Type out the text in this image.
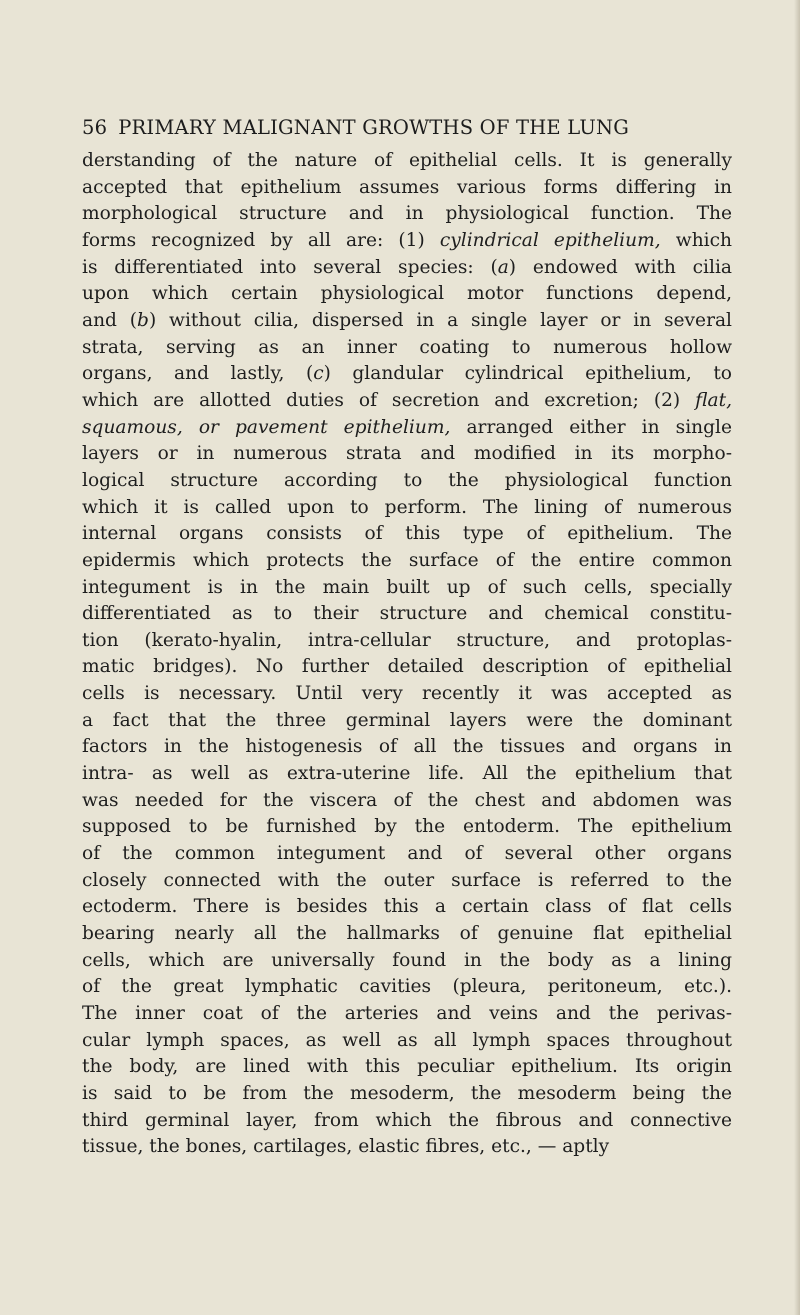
56 PRIMARY MALIGNANT GROWTHS OF THE LUNG
derstanding of the nature of epithelial cells. It is generally
accepted that epithelium assumes various forms differing in
morphological structure and in physiological function. The
forms recognized by all are: (1) cylindrical epithelium, which
is differentiated into several species: (a) endowed with cilia
upon which certain physiological motor functions depend,
and (b) without cilia, dispersed in a single layer or in several
strata, serving as an inner coating to numerous hollow
organs, and lastly, (c) glandular cylindrical epithelium, to
which are allotted duties of secretion and excretion; (2) flat,
squamous, or pavement epithelium, arranged either in single
layers or in numerous strata and modified in its morpho-
logical structure according to the physiological function
which it is called upon to perform. The lining of numerous
internal organs consists of this type of epithelium. The
epidermis which protects the surface of the entire common
integument is in the main built up of such cells, specially
differentiated as to their structure and chemical constitu-
tion (kerato-hyalin, intra-cellular structure, and protoplas-
matic bridges). No further detailed description of epithelial
cells is necessary. Until very recently it was accepted as
a fact that the three germinal layers were the dominant
factors in the histogenesis of all the tissues and organs in
intra- as well as extra-uterine life. All the epithelium that
was needed for the viscera of the chest and abdomen was
supposed to be furnished by the entoderm. The epithelium
of the common integument and of several other organs
closely connected with the outer surface is referred to the
ectoderm. There is besides this a certain class of flat cells
bearing nearly all the hallmarks of genuine flat epithelial
cells, which are universally found in the body as a lining
of the great lymphatic cavities (pleura, peritoneum, etc.).
The inner coat of the arteries and veins and the perivas-
cular lymph spaces, as well as all lymph spaces throughout
the body, are lined with this peculiar epithelium. Its origin
is said to be from the mesoderm, the mesoderm being the
third germinal layer, from which the fibrous and connective
tissue, the bones, cartilages, elastic fibres, etc., — aptly
